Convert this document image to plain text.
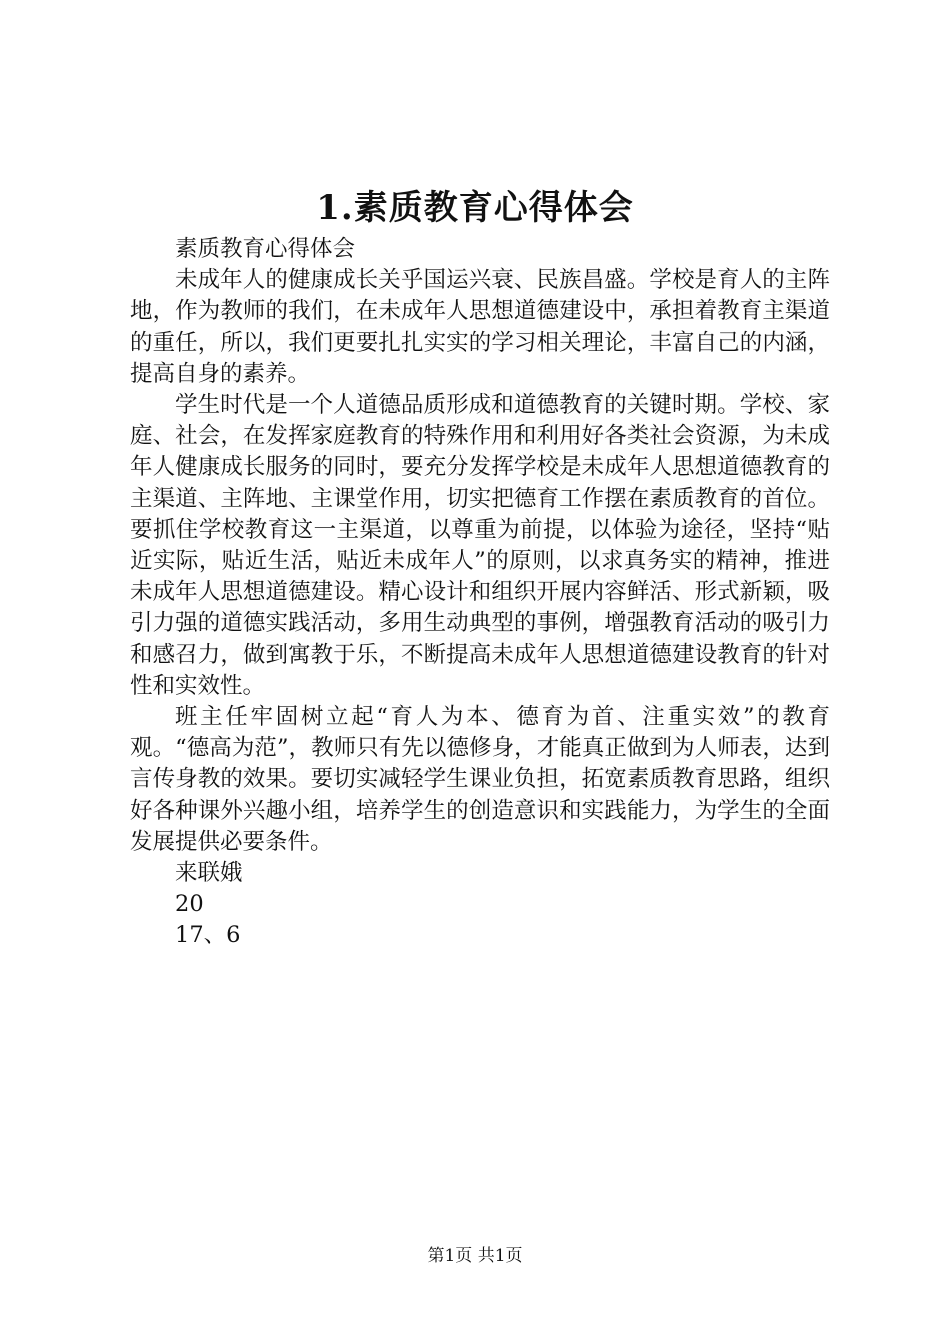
1.素质教育心得体会

素质教育心得体会

未成年人的健康成长关乎国运兴衰、民族昌盛。学校是育人的主阵地，作为教师的我们，在未成年人思想道德建设中，承担着教育主渠道的重任，所以，我们更要扎扎实实的学习相关理论，丰富自己的内涵，提高自身的素养。

学生时代是一个人道德品质形成和道德教育的关键时期。学校、家庭、社会，在发挥家庭教育的特殊作用和利用好各类社会资源，为未成年人健康成长服务的同时，要充分发挥学校是未成年人思想道德教育的主渠道、主阵地、主课堂作用，切实把德育工作摆在素质教育的首位。要抓住学校教育这一主渠道，以尊重为前提，以体验为途径，坚持“贴近实际，贴近生活，贴近未成年人”的原则，以求真务实的精神，推进未成年人思想道德建设。精心设计和组织开展内容鲜活、形式新颖，吸引力强的道德实践活动，多用生动典型的事例，增强教育活动的吸引力和感召力，做到寓教于乐，不断提高未成年人思想道德建设教育的针对性和实效性。

班主任牢固树立起“育人为本、德育为首、注重实效”的教育观。“德高为范”，教师只有先以德修身，才能真正做到为人师表，达到言传身教的效果。要切实减轻学生课业负担，拓宽素质教育思路，组织好各种课外兴趣小组，培养学生的创造意识和实践能力，为学生的全面发展提供必要条件。

来联娥

20

17、6

第1页 共1页
